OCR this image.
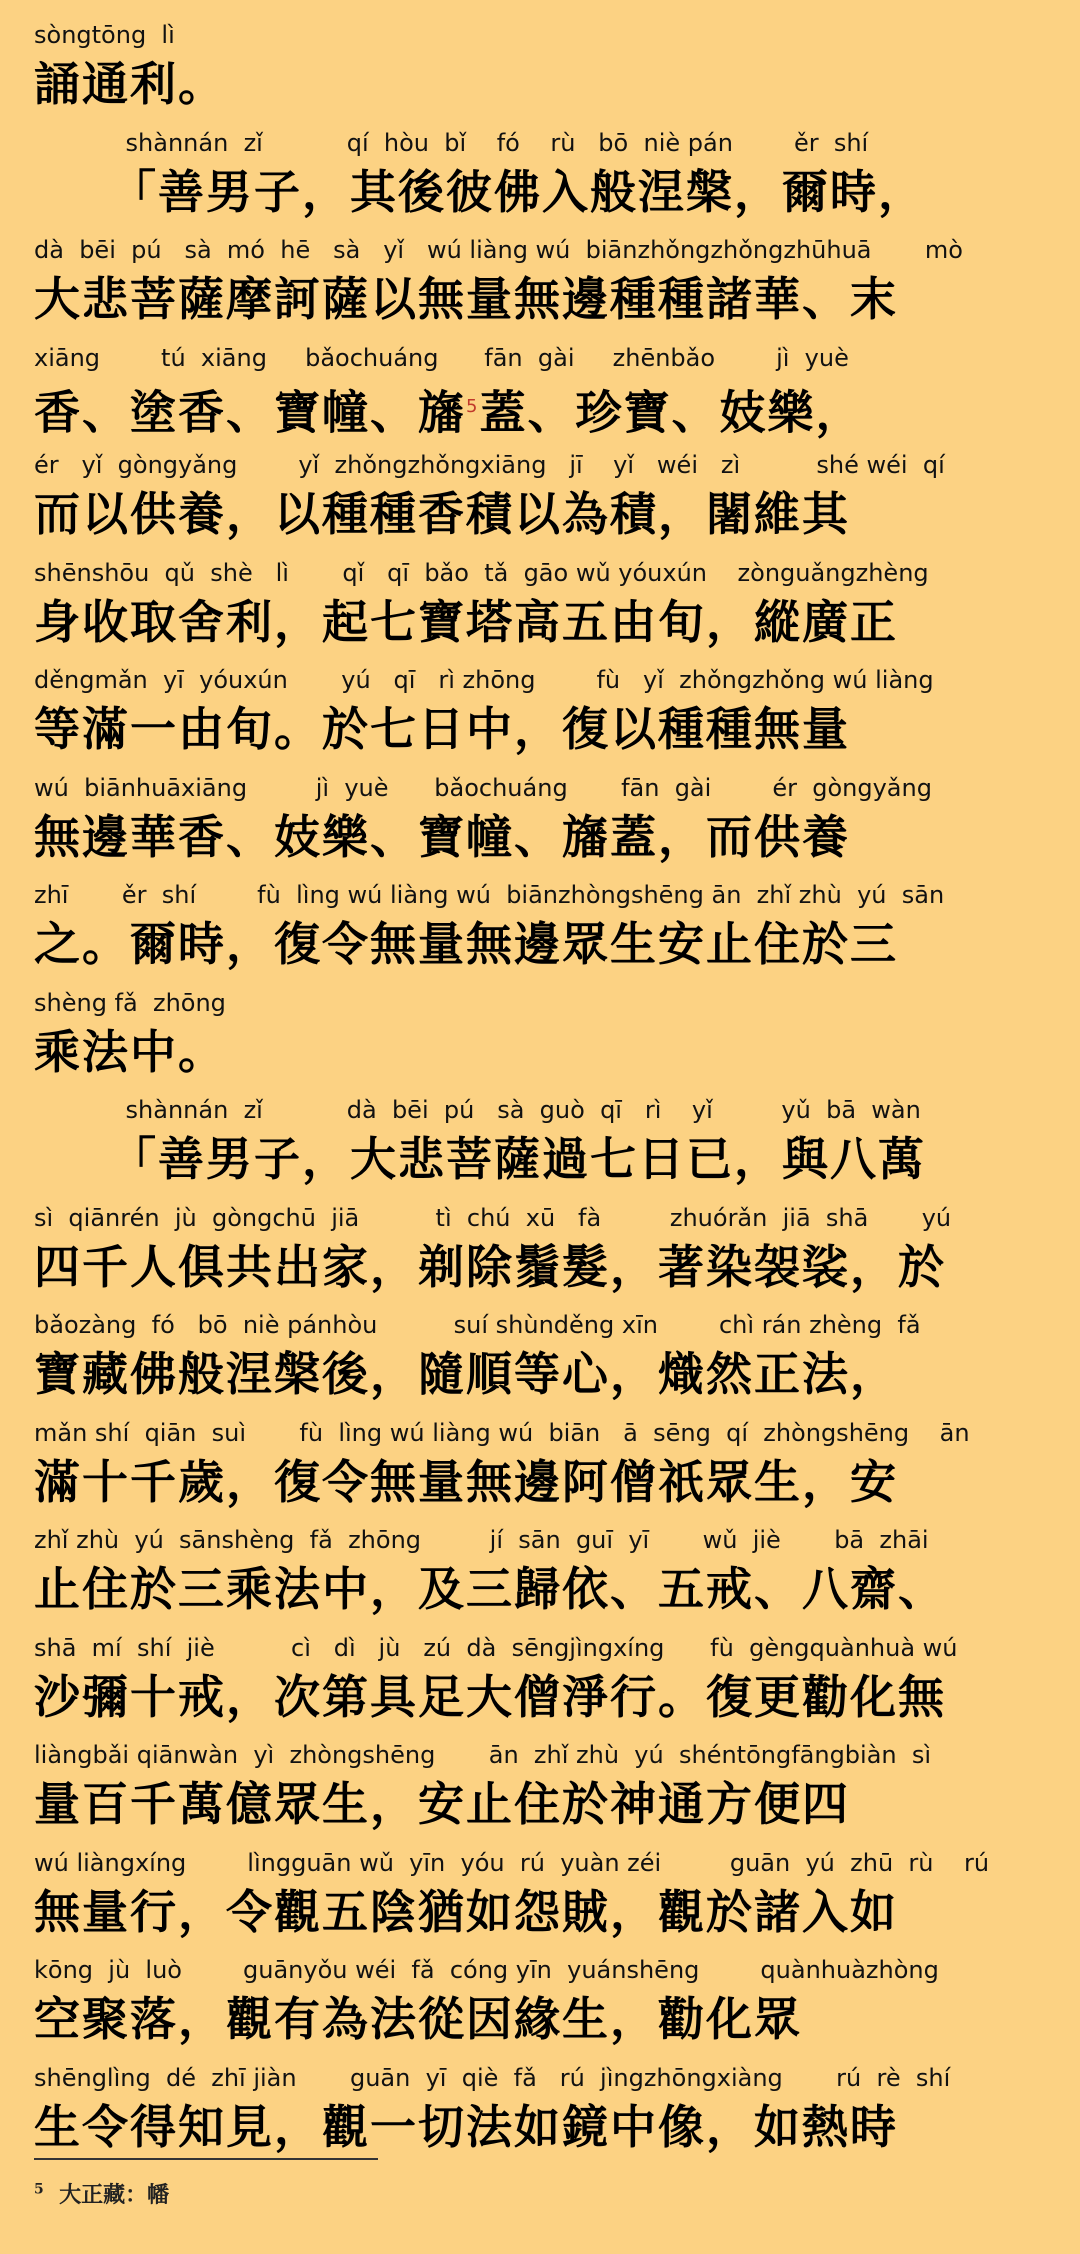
sòngtōng  lì
誦通利。
shànnán  zǐ           qí  hòu  bǐ    fó    rù   bō  niè pán        ěr  shí
「善男子，其後彼佛入般涅槃，爾時，
dà  bēi  pú   sà  mó  hē   sà   yǐ   wú liàng wú  biānzhǒngzhǒngzhūhuā       mò
大悲菩薩摩訶薩以無量無邊種種諸華、末
xiāng        tú  xiāng     bǎochuáng      fān  gài     zhēnbǎo        jì  yuè
香、塗香、寶幢、旛$^5$蓋、珍寶、妓樂，
ér   yǐ  gòngyǎng        yǐ  zhǒngzhǒngxiāng   jī    yǐ   wéi   zì          shé wéi  qí
而以供養，以種種香積以為積，闍維其
shēnshōu  qǔ  shè   lì       qǐ   qī  bǎo  tǎ  gāo wǔ yóuxún    zònguǎngzhèng
身收取舍利，起七寶塔高五由旬，縱廣正
děngmǎn  yī  yóuxún       yú   qī   rì zhōng        fù   yǐ  zhǒngzhǒng wú liàng
等滿一由旬。於七日中，復以種種無量
wú  biānhuāxiāng         jì  yuè      bǎochuáng       fān  gài        ér  gòngyǎng
無邊華香、妓樂、寶幢、旛蓋，而供養
zhī       ěr  shí        fù  lìng wú liàng wú  biānzhòngshēng ān  zhǐ zhù  yú  sān
之。爾時，復令無量無邊眾生安止住於三
shèng fǎ  zhōng
乘法中。
shànnán  zǐ           dà  bēi  pú   sà  guò  qī   rì    yǐ         yǔ  bā  wàn
「善男子，大悲菩薩過七日已，與八萬
sì  qiānrén  jù  gòngchū  jiā          tì  chú  xū   fà         zhuórǎn  jiā  shā       yú
四千人俱共出家，剃除鬚髮，著染袈裟，於
bǎozàng  fó   bō  niè pánhòu          suí shùnděng xīn        chì rán zhèng  fǎ
寶藏佛般涅槃後，隨順等心，熾然正法，
mǎn shí  qiān  suì       fù  lìng wú liàng wú  biān   ā  sēng  qí  zhòngshēng    ān
滿十千歲，復令無量無邊阿僧祇眾生，安
zhǐ zhù  yú  sānshèng  fǎ  zhōng         jí  sān  guī  yī       wǔ  jiè       bā  zhāi
止住於三乘法中，及三歸依、五戒、八齋、
shā  mí  shí  jiè          cì   dì   jù   zú  dà  sēngjìngxíng      fù  gèngquànhuà wú
沙彌十戒，次第具足大僧淨行。復更勸化無
liàngbǎi qiānwàn  yì  zhòngshēng       ān  zhǐ zhù  yú  shéntōngfāngbiàn  sì
量百千萬億眾生，安止住於神通方便四
wú liàngxíng        lìngguān wǔ  yīn  yóu  rú  yuàn zéi         guān  yú  zhū  rù    rú
無量行，令觀五陰猶如怨賊，觀於諸入如
kōng  jù  luò        guānyǒu wéi  fǎ  cóng yīn  yuánshēng        quànhuàzhòng
空聚落，觀有為法從因緣生，勸化眾
shēnglìng  dé  zhī jiàn       guān  yī  qiè  fǎ   rú  jìngzhōngxiàng       rú  rè  shí
生令得知見，觀一切法如鏡中像，如熱時
$^5$ 大正藏：幡
